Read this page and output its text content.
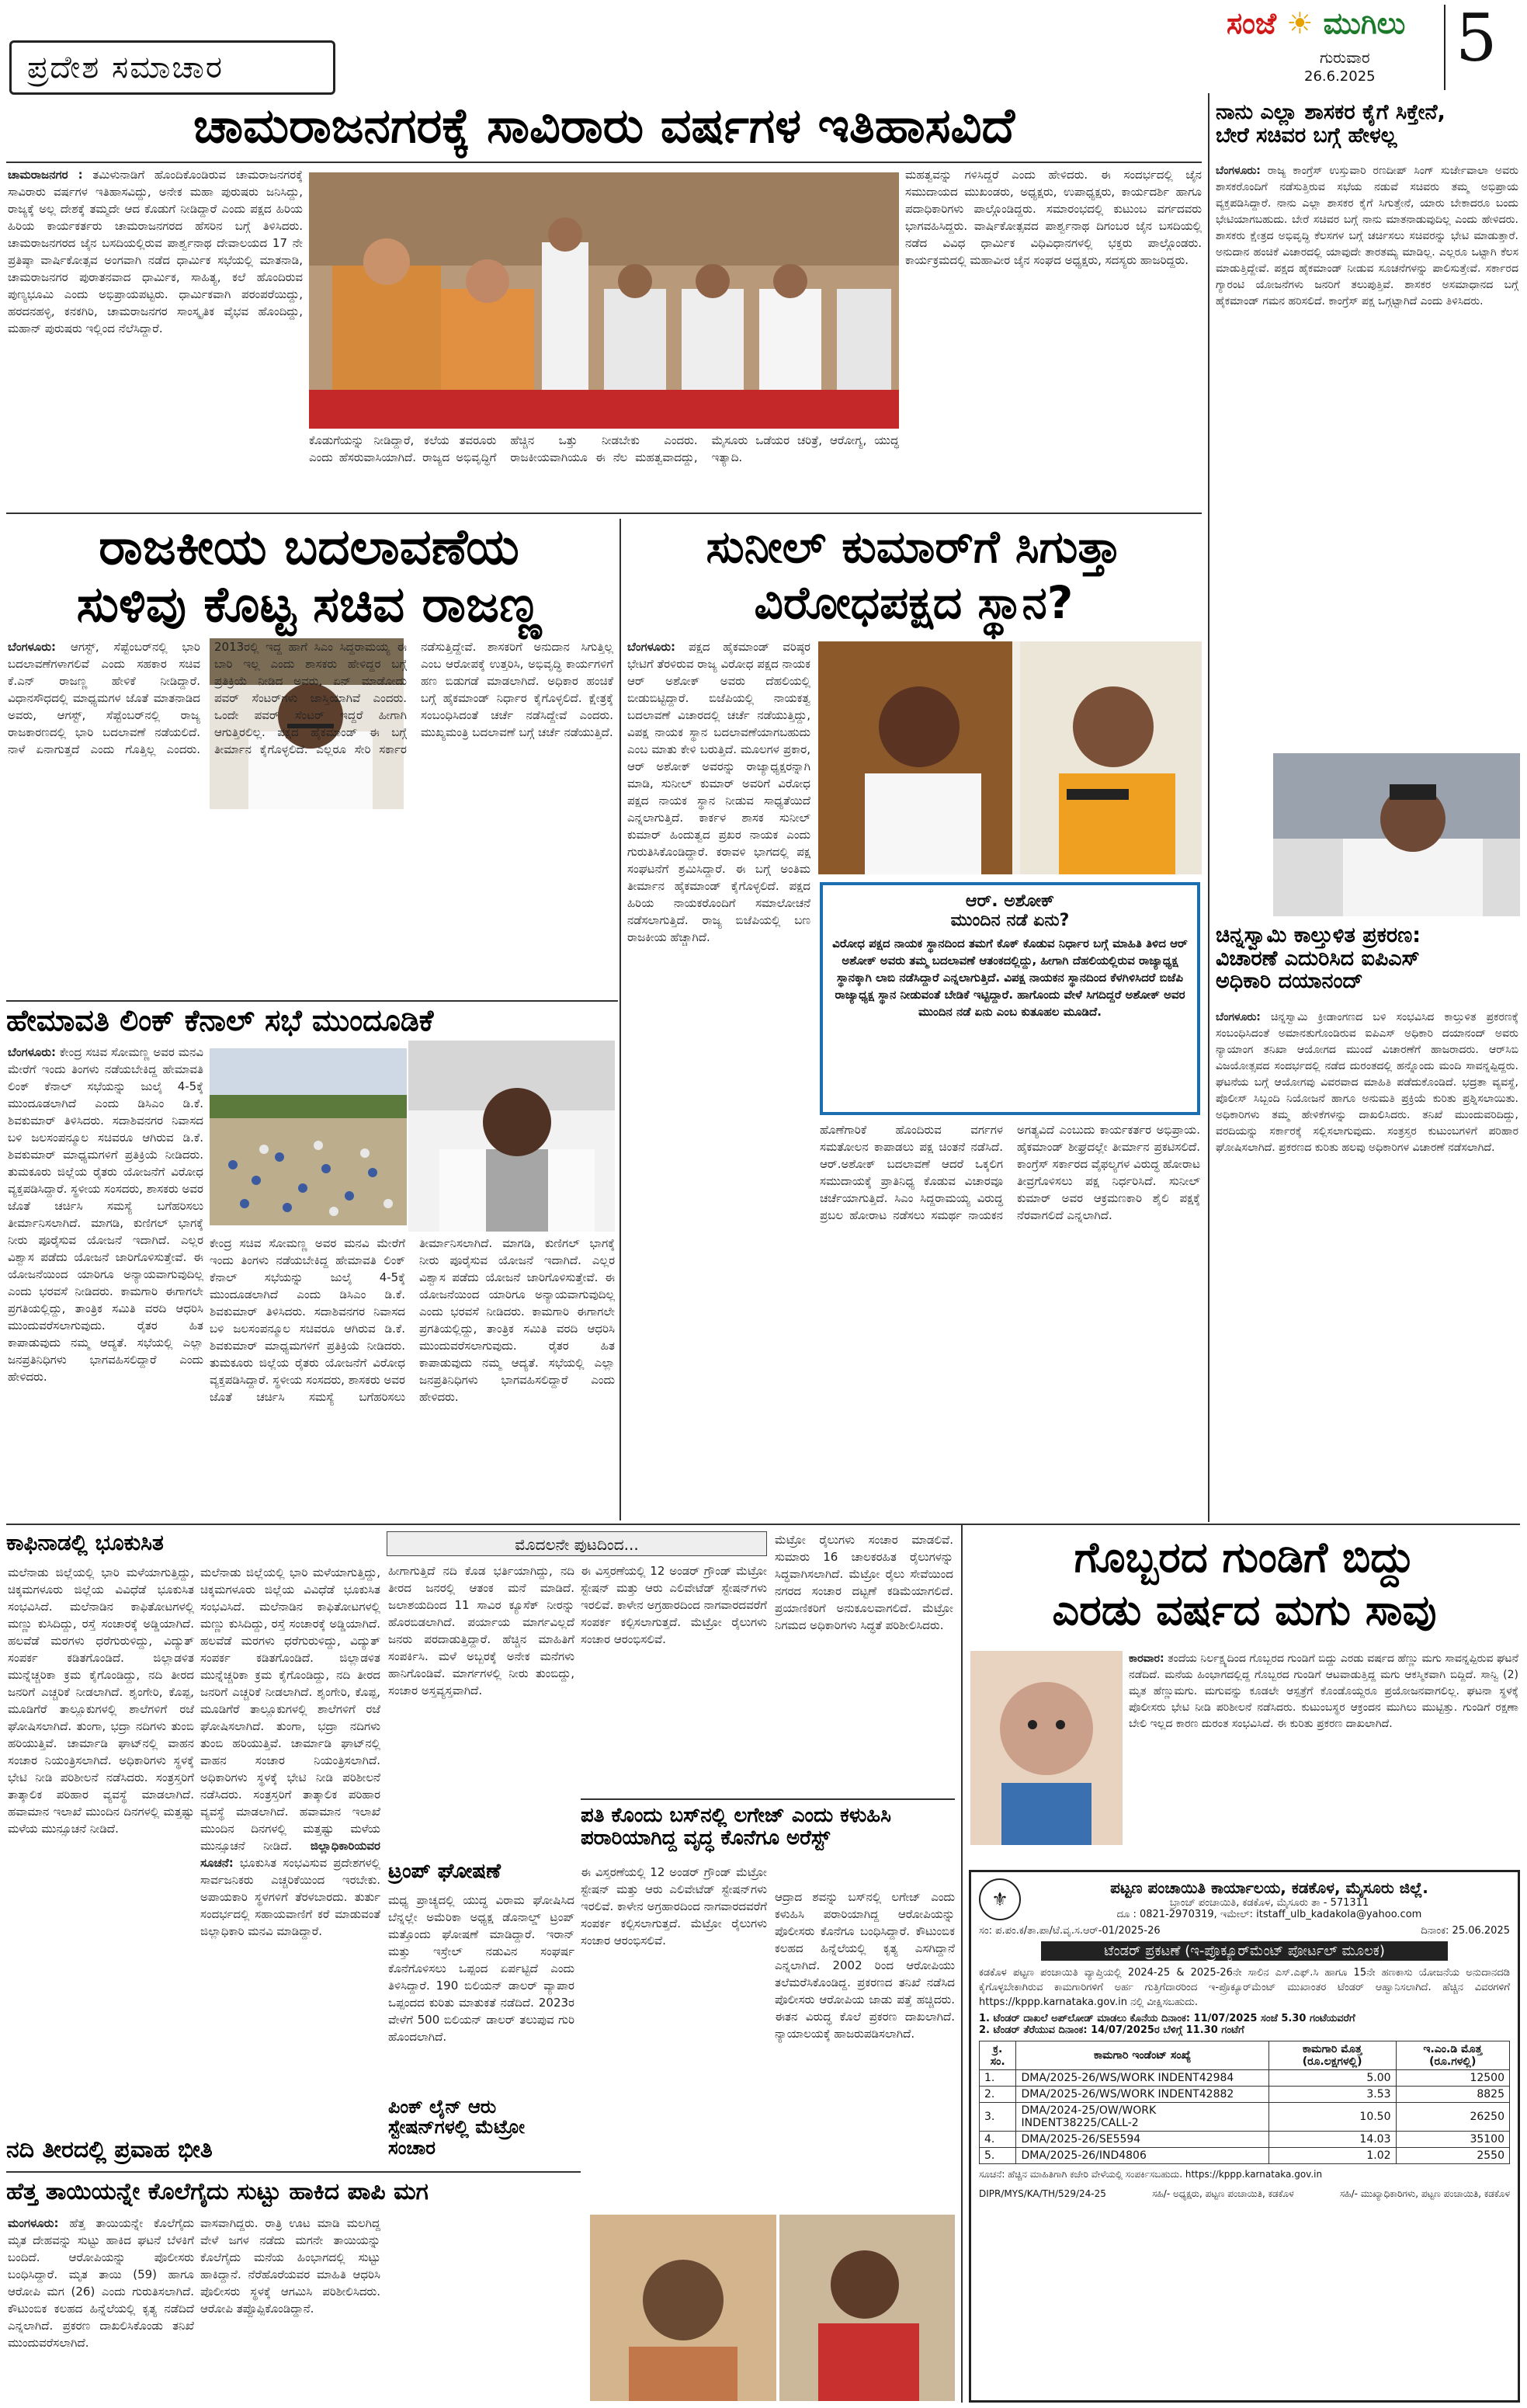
ಪ್ರದೇಶ ಸಮಾಚಾರ
ಸಂಜೆ ☀ ಮುಗಿಲು
ಗುರುವಾರ
26.6.2025
5
ಚಾಮರಾಜನಗರಕ್ಕೆ ಸಾವಿರಾರು ವರ್ಷಗಳ ಇತಿಹಾಸವಿದೆ
ಚಾಮರಾಜನಗರ : ತಮಿಳುನಾಡಿಗೆ ಹೊಂದಿಕೊಂಡಿರುವ ಚಾಮರಾಜನಗರಕ್ಕೆ ಸಾವಿರಾರು ವರ್ಷಗಳ ಇತಿಹಾಸವಿದ್ದು, ಅನೇಕ ಮಹಾ ಪುರುಷರು ಜನಿಸಿದ್ದು, ರಾಜ್ಯಕ್ಕೆ ಅಲ್ಲ ದೇಶಕ್ಕೆ ತಮ್ಮದೇ ಆದ ಕೊಡುಗೆ ನೀಡಿದ್ದಾರೆ ಎಂದು ಪಕ್ಷದ ಹಿರಿಯ ಹಿರಿಯ ಕಾರ್ಯಕರ್ತರು ಚಾಮರಾಜನಗರದ ಹೆಸರಿನ ಬಗ್ಗೆ ತಿಳಿಸಿದರು. ಚಾಮರಾಜನಗರದ ಜೈನ ಬಸದಿಯಲ್ಲಿರುವ ಪಾರ್ಶ್ವನಾಥ ದೇವಾಲಯದ 17 ನೇ ಪ್ರತಿಷ್ಠಾ ವಾರ್ಷಿಕೋತ್ಸವ ಅಂಗವಾಗಿ ನಡೆದ ಧಾರ್ಮಿಕ ಸಭೆಯಲ್ಲಿ ಮಾತನಾಡಿ, ಚಾಮರಾಜನಗರ ಪುರಾತನವಾದ ಧಾರ್ಮಿಕ, ಸಾಹಿತ್ಯ, ಕಲೆ ಹೊಂದಿರುವ ಪುಣ್ಯಭೂಮಿ ಎಂದು ಅಭಿಪ್ರಾಯಪಟ್ಟರು. ಧಾರ್ಮಿಕವಾಗಿ ಪರಂಪರೆಯಿದ್ದು, ಹರದನಹಳ್ಳಿ, ಕನಕಗಿರಿ, ಚಾಮರಾಜನಗರ ಸಾಂಸ್ಕೃತಿಕ ವೈಭವ ಹೊಂದಿದ್ದು, ಮಹಾನ್ ಪುರುಷರು ಇಲ್ಲಿಂದ ನೆಲೆಸಿದ್ದಾರೆ.
ಕೊಡುಗೆಯನ್ನು ನೀಡಿದ್ದಾರೆ, ಕಲೆಯ ತವರೂರು ಎಂದು ಹೆಸರುವಾಸಿಯಾಗಿದೆ. ರಾಜ್ಯದ ಅಭಿವೃದ್ಧಿಗೆ ಹೆಚ್ಚಿನ ಒತ್ತು ನೀಡಬೇಕು ಎಂದರು. ರಾಜಕೀಯವಾಗಿಯೂ ಈ ನೆಲ ಮಹತ್ವವಾದದ್ದು, ಮೈಸೂರು ಒಡೆಯರ ಚರಿತ್ರೆ, ಆರೋಗ್ಯ, ಯುದ್ಧ ಇತ್ಯಾದಿ.
ಮಹತ್ವವನ್ನು ಗಳಿಸಿದ್ದರೆ ಎಂದು ಹೇಳಿದರು. ಈ ಸಂದರ್ಭದಲ್ಲಿ ಜೈನ ಸಮುದಾಯದ ಮುಖಂಡರು, ಅಧ್ಯಕ್ಷರು, ಉಪಾಧ್ಯಕ್ಷರು, ಕಾರ್ಯದರ್ಶಿ ಹಾಗೂ ಪದಾಧಿಕಾರಿಗಳು ಪಾಲ್ಗೊಂಡಿದ್ದರು. ಸಮಾರಂಭದಲ್ಲಿ ಕುಟುಂಬ ವರ್ಗದವರು ಭಾಗವಹಿಸಿದ್ದರು. ವಾರ್ಷಿಕೋತ್ಸವದ ಪಾರ್ಶ್ವನಾಥ ದಿಗಂಬರ ಜೈನ ಬಸದಿಯಲ್ಲಿ ನಡೆದ ವಿವಿಧ ಧಾರ್ಮಿಕ ವಿಧಿವಿಧಾನಗಳಲ್ಲಿ ಭಕ್ತರು ಪಾಲ್ಗೊಂಡರು. ಕಾರ್ಯಕ್ರಮದಲ್ಲಿ ಮಹಾವೀರ ಜೈನ ಸಂಘದ ಅಧ್ಯಕ್ಷರು, ಸದಸ್ಯರು ಹಾಜರಿದ್ದರು.
ನಾನು ಎಲ್ಲಾ ಶಾಸಕರ ಕೈಗೆ ಸಿಕ್ತೇನೆ,
ಬೇರೆ ಸಚಿವರ ಬಗ್ಗೆ ಹೇಳಲ್ಲ
ಬೆಂಗಳೂರು: ರಾಜ್ಯ ಕಾಂಗ್ರೆಸ್ ಉಸ್ತುವಾರಿ ರಣದೀಪ್ ಸಿಂಗ್ ಸುರ್ಜೇವಾಲಾ ಅವರು ಶಾಸಕರೊಂದಿಗೆ ನಡೆಸುತ್ತಿರುವ ಸಭೆಯ ನಡುವೆ ಸಚಿವರು ತಮ್ಮ ಅಭಿಪ್ರಾಯ ವ್ಯಕ್ತಪಡಿಸಿದ್ದಾರೆ. ನಾನು ಎಲ್ಲಾ ಶಾಸಕರ ಕೈಗೆ ಸಿಗುತ್ತೇನೆ, ಯಾರು ಬೇಕಾದರೂ ಬಂದು ಭೇಟಿಯಾಗಬಹುದು. ಬೇರೆ ಸಚಿವರ ಬಗ್ಗೆ ನಾನು ಮಾತನಾಡುವುದಿಲ್ಲ ಎಂದು ಹೇಳಿದರು. ಶಾಸಕರು ಕ್ಷೇತ್ರದ ಅಭಿವೃದ್ಧಿ ಕೆಲಸಗಳ ಬಗ್ಗೆ ಚರ್ಚಿಸಲು ಸಚಿವರನ್ನು ಭೇಟಿ ಮಾಡುತ್ತಾರೆ. ಅನುದಾನ ಹಂಚಿಕೆ ವಿಚಾರದಲ್ಲಿ ಯಾವುದೇ ತಾರತಮ್ಯ ಮಾಡಿಲ್ಲ. ಎಲ್ಲರೂ ಒಟ್ಟಾಗಿ ಕೆಲಸ ಮಾಡುತ್ತಿದ್ದೇವೆ. ಪಕ್ಷದ ಹೈಕಮಾಂಡ್ ನೀಡುವ ಸೂಚನೆಗಳನ್ನು ಪಾಲಿಸುತ್ತೇವೆ. ಸರ್ಕಾರದ ಗ್ಯಾರಂಟಿ ಯೋಜನೆಗಳು ಜನರಿಗೆ ತಲುಪುತ್ತಿವೆ. ಶಾಸಕರ ಅಸಮಾಧಾನದ ಬಗ್ಗೆ ಹೈಕಮಾಂಡ್ ಗಮನ ಹರಿಸಲಿದೆ. ಕಾಂಗ್ರೆಸ್ ಪಕ್ಷ ಒಗ್ಗಟ್ಟಾಗಿದೆ ಎಂದು ತಿಳಿಸಿದರು.
ಚಿನ್ನಸ್ವಾಮಿ ಕಾಲ್ತುಳಿತ ಪ್ರಕರಣ:
ವಿಚಾರಣೆ ಎದುರಿಸಿದ ಐಪಿಎಸ್
ಅಧಿಕಾರಿ ದಯಾನಂದ್
ಬೆಂಗಳೂರು: ಚಿನ್ನಸ್ವಾಮಿ ಕ್ರೀಡಾಂಗಣದ ಬಳಿ ಸಂಭವಿಸಿದ ಕಾಲ್ತುಳಿತ ಪ್ರಕರಣಕ್ಕೆ ಸಂಬಂಧಿಸಿದಂತೆ ಅಮಾನತುಗೊಂಡಿರುವ ಐಪಿಎಸ್ ಅಧಿಕಾರಿ ದಯಾನಂದ್ ಅವರು ನ್ಯಾಯಾಂಗ ತನಿಖಾ ಆಯೋಗದ ಮುಂದೆ ವಿಚಾರಣೆಗೆ ಹಾಜರಾದರು. ಆರ್‌ಸಿಬಿ ವಿಜಯೋತ್ಸವದ ಸಂದರ್ಭದಲ್ಲಿ ನಡೆದ ದುರಂತದಲ್ಲಿ ಹನ್ನೊಂದು ಮಂದಿ ಸಾವನ್ನಪ್ಪಿದ್ದರು. ಘಟನೆಯ ಬಗ್ಗೆ ಆಯೋಗವು ವಿವರವಾದ ಮಾಹಿತಿ ಪಡೆದುಕೊಂಡಿದೆ. ಭದ್ರತಾ ವ್ಯವಸ್ಥೆ, ಪೊಲೀಸ್ ಸಿಬ್ಬಂದಿ ನಿಯೋಜನೆ ಹಾಗೂ ಅನುಮತಿ ಪ್ರಕ್ರಿಯೆ ಕುರಿತು ಪ್ರಶ್ನಿಸಲಾಯಿತು. ಅಧಿಕಾರಿಗಳು ತಮ್ಮ ಹೇಳಿಕೆಗಳನ್ನು ದಾಖಲಿಸಿದರು. ತನಿಖೆ ಮುಂದುವರಿದಿದ್ದು, ವರದಿಯನ್ನು ಸರ್ಕಾರಕ್ಕೆ ಸಲ್ಲಿಸಲಾಗುವುದು. ಸಂತ್ರಸ್ತರ ಕುಟುಂಬಗಳಿಗೆ ಪರಿಹಾರ ಘೋಷಿಸಲಾಗಿದೆ. ಪ್ರಕರಣದ ಕುರಿತು ಹಲವು ಅಧಿಕಾರಿಗಳ ವಿಚಾರಣೆ ನಡೆಸಲಾಗಿದೆ.
ರಾಜಕೀಯ ಬದಲಾವಣೆಯ
ಸುಳಿವು ಕೊಟ್ಟ ಸಚಿವ ರಾಜಣ್ಣ
ಬೆಂಗಳೂರು: ಆಗಸ್ಟ್, ಸೆಪ್ಟೆಂಬರ್‌ನಲ್ಲಿ ಭಾರಿ ಬದಲಾವಣೆಗಳಾಗಲಿವೆ ಎಂದು ಸಹಕಾರ ಸಚಿವ ಕೆ.ಎನ್ ರಾಜಣ್ಣ ಹೇಳಿಕೆ ನೀಡಿದ್ದಾರೆ. ವಿಧಾನಸೌಧದಲ್ಲಿ ಮಾಧ್ಯಮಗಳ ಜೊತೆ ಮಾತನಾಡಿದ ಅವರು, ಆಗಸ್ಟ್, ಸೆಪ್ಟೆಂಬರ್‌ನಲ್ಲಿ ರಾಜ್ಯ ರಾಜಕಾರಣದಲ್ಲಿ ಭಾರಿ ಬದಲಾವಣೆ ನಡೆಯಲಿದೆ. ನಾಳೆ ಏನಾಗುತ್ತದೆ ಎಂದು ಗೊತ್ತಿಲ್ಲ ಎಂದರು. 2013ರಲ್ಲಿ ಇದ್ದ ಹಾಗೆ ಸಿಎಂ ಸಿದ್ದರಾಮಯ್ಯ ಈ ಬಾರಿ ಇಲ್ಲ ಎಂದು ಶಾಸಕರು ಹೇಳಿದ್ದರ ಬಗ್ಗೆ ಪ್ರತಿಕ್ರಿಯೆ ನೀಡಿದ ಅವರು, ಏನ್ ಮಾಡೋದು ಪವರ್ ಸೆಂಟರ್‌ಗಳು ಜಾಸ್ತಿಯಾಗಿವೆ ಎಂದರು. ಒಂದೇ ಪವರ್ ಸೆಂಟರ್ ಇದ್ದರೆ ಹೀಗಾಗಿ ಆಗುತ್ತಿರಲಿಲ್ಲ. ಪಕ್ಷದ ಹೈಕಮಾಂಡ್ ಈ ಬಗ್ಗೆ ತೀರ್ಮಾನ ಕೈಗೊಳ್ಳಲಿದೆ. ಎಲ್ಲರೂ ಸೇರಿ ಸರ್ಕಾರ ನಡೆಸುತ್ತಿದ್ದೇವೆ. ಶಾಸಕರಿಗೆ ಅನುದಾನ ಸಿಗುತ್ತಿಲ್ಲ ಎಂಬ ಆರೋಪಕ್ಕೆ ಉತ್ತರಿಸಿ, ಅಭಿವೃದ್ಧಿ ಕಾರ್ಯಗಳಿಗೆ ಹಣ ಬಿಡುಗಡೆ ಮಾಡಲಾಗಿದೆ. ಅಧಿಕಾರ ಹಂಚಿಕೆ ಬಗ್ಗೆ ಹೈಕಮಾಂಡ್ ನಿರ್ಧಾರ ಕೈಗೊಳ್ಳಲಿದೆ. ಕ್ಷೇತ್ರಕ್ಕೆ ಸಂಬಂಧಿಸಿದಂತೆ ಚರ್ಚೆ ನಡೆಸಿದ್ದೇವೆ ಎಂದರು. ಮುಖ್ಯಮಂತ್ರಿ ಬದಲಾವಣೆ ಬಗ್ಗೆ ಚರ್ಚೆ ನಡೆಯುತ್ತಿದೆ.
ಸುನೀಲ್ ಕುಮಾರ್‌ಗೆ ಸಿಗುತ್ತಾ
ವಿರೋಧಪಕ್ಷದ ಸ್ಥಾನ?
ಬೆಂಗಳೂರು: ಪಕ್ಷದ ಹೈಕಮಾಂಡ್ ವರಿಷ್ಠರ ಭೇಟಿಗೆ ತೆರಳಿರುವ ರಾಜ್ಯ ವಿರೋಧ ಪಕ್ಷದ ನಾಯಕ ಆರ್ ಅಶೋಕ್ ಅವರು ದೆಹಲಿಯಲ್ಲಿ ಬೀಡುಬಿಟ್ಟಿದ್ದಾರೆ. ಬಿಜೆಪಿಯಲ್ಲಿ ನಾಯಕತ್ವ ಬದಲಾವಣೆ ವಿಚಾರದಲ್ಲಿ ಚರ್ಚೆ ನಡೆಯುತ್ತಿದ್ದು, ವಿಪಕ್ಷ ನಾಯಕ ಸ್ಥಾನ ಬದಲಾವಣೆಯಾಗಬಹುದು ಎಂಬ ಮಾತು ಕೇಳಿ ಬರುತ್ತಿದೆ. ಮೂಲಗಳ ಪ್ರಕಾರ, ಆರ್ ಅಶೋಕ್ ಅವರನ್ನು ರಾಜ್ಯಾಧ್ಯಕ್ಷರನ್ನಾಗಿ ಮಾಡಿ, ಸುನೀಲ್ ಕುಮಾರ್ ಅವರಿಗೆ ವಿರೋಧ ಪಕ್ಷದ ನಾಯಕ ಸ್ಥಾನ ನೀಡುವ ಸಾಧ್ಯತೆಯಿದೆ ಎನ್ನಲಾಗುತ್ತಿದೆ. ಕಾರ್ಕಳ ಶಾಸಕ ಸುನೀಲ್ ಕುಮಾರ್ ಹಿಂದುತ್ವದ ಪ್ರಖರ ನಾಯಕ ಎಂದು ಗುರುತಿಸಿಕೊಂಡಿದ್ದಾರೆ. ಕರಾವಳಿ ಭಾಗದಲ್ಲಿ ಪಕ್ಷ ಸಂಘಟನೆಗೆ ಶ್ರಮಿಸಿದ್ದಾರೆ. ಈ ಬಗ್ಗೆ ಅಂತಿಮ ತೀರ್ಮಾನ ಹೈಕಮಾಂಡ್ ಕೈಗೊಳ್ಳಲಿದೆ. ಪಕ್ಷದ ಹಿರಿಯ ನಾಯಕರೊಂದಿಗೆ ಸಮಾಲೋಚನೆ ನಡೆಸಲಾಗುತ್ತಿದೆ. ರಾಜ್ಯ ಬಿಜೆಪಿಯಲ್ಲಿ ಬಣ ರಾಜಕೀಯ ಹೆಚ್ಚಾಗಿದೆ.
ಆರ್. ಅಶೋಕ್
ಮುಂದಿನ ನಡೆ ಏನು?
ವಿರೋಧ ಪಕ್ಷದ ನಾಯಕ ಸ್ಥಾನದಿಂದ ತಮಗೆ ಕೊಕ್ ಕೊಡುವ ನಿರ್ಧಾರ ಬಗ್ಗೆ ಮಾಹಿತಿ ತಿಳಿದ ಆರ್ ಅಶೋಕ್ ಅವರು ತಮ್ಮ ಬದಲಾವಣೆ ಆತಂಕದಲ್ಲಿದ್ದು, ಹೀಗಾಗಿ ದೆಹಲಿಯಲ್ಲಿರುವ ರಾಜ್ಯಾಧ್ಯಕ್ಷ ಸ್ಥಾನಕ್ಕಾಗಿ ಲಾಬಿ ನಡೆಸಿದ್ದಾರೆ ಎನ್ನಲಾಗುತ್ತಿದೆ. ವಿಪಕ್ಷ ನಾಯಕನ ಸ್ಥಾನದಿಂದ ಕೆಳಗಿಳಿಸಿದರೆ ಬಿಜೆಪಿ ರಾಜ್ಯಾಧ್ಯಕ್ಷ ಸ್ಥಾನ ನೀಡುವಂತೆ ಬೇಡಿಕೆ ಇಟ್ಟಿದ್ದಾರೆ. ಹಾಗೊಂದು ವೇಳೆ ಸಿಗದಿದ್ದರೆ ಅಶೋಕ್ ಅವರ ಮುಂದಿನ ನಡೆ ಏನು ಎಂಬ ಕುತೂಹಲ ಮೂಡಿದೆ.
ಹೊಣೆಗಾರಿಕೆ ಹೊಂದಿರುವ ವರ್ಗಗಳ ಸಮತೋಲನ ಕಾಪಾಡಲು ಪಕ್ಷ ಚಿಂತನೆ ನಡೆಸಿದೆ. ಆರ್.ಅಶೋಕ್ ಬದಲಾವಣೆ ಆದರೆ ಒಕ್ಕಲಿಗ ಸಮುದಾಯಕ್ಕೆ ಪ್ರಾತಿನಿಧ್ಯ ಕೊಡುವ ವಿಚಾರವೂ ಚರ್ಚೆಯಾಗುತ್ತಿದೆ. ಸಿಎಂ ಸಿದ್ದರಾಮಯ್ಯ ವಿರುದ್ಧ ಪ್ರಬಲ ಹೋರಾಟ ನಡೆಸಲು ಸಮರ್ಥ ನಾಯಕನ ಅಗತ್ಯವಿದೆ ಎಂಬುದು ಕಾರ್ಯಕರ್ತರ ಅಭಿಪ್ರಾಯ. ಹೈಕಮಾಂಡ್ ಶೀಘ್ರದಲ್ಲೇ ತೀರ್ಮಾನ ಪ್ರಕಟಿಸಲಿದೆ. ಕಾಂಗ್ರೆಸ್ ಸರ್ಕಾರದ ವೈಫಲ್ಯಗಳ ವಿರುದ್ಧ ಹೋರಾಟ ತೀವ್ರಗೊಳಿಸಲು ಪಕ್ಷ ನಿರ್ಧರಿಸಿದೆ. ಸುನೀಲ್ ಕುಮಾರ್ ಅವರ ಆಕ್ರಮಣಕಾರಿ ಶೈಲಿ ಪಕ್ಷಕ್ಕೆ ನೆರವಾಗಲಿದೆ ಎನ್ನಲಾಗಿದೆ.
ಹೇಮಾವತಿ ಲಿಂಕ್ ಕೆನಾಲ್ ಸಭೆ ಮುಂದೂಡಿಕೆ
ಬೆಂಗಳೂರು: ಕೇಂದ್ರ ಸಚಿವ ಸೋಮಣ್ಣ ಅವರ ಮನವಿ ಮೇರೆಗೆ ಇಂದು ತಿಂಗಳು ನಡೆಯಬೇಕಿದ್ದ ಹೇಮಾವತಿ ಲಿಂಕ್ ಕೆನಾಲ್ ಸಭೆಯನ್ನು ಜುಲೈ 4-5ಕ್ಕೆ ಮುಂದೂಡಲಾಗಿದೆ ಎಂದು ಡಿಸಿಎಂ ಡಿ.ಕೆ. ಶಿವಕುಮಾರ್ ತಿಳಿಸಿದರು. ಸದಾಶಿವನಗರ ನಿವಾಸದ ಬಳಿ ಜಲಸಂಪನ್ಮೂಲ ಸಚಿವರೂ ಆಗಿರುವ ಡಿ.ಕೆ. ಶಿವಕುಮಾರ್ ಮಾಧ್ಯಮಗಳಿಗೆ ಪ್ರತಿಕ್ರಿಯೆ ನೀಡಿದರು. ತುಮಕೂರು ಜಿಲ್ಲೆಯ ರೈತರು ಯೋಜನೆಗೆ ವಿರೋಧ ವ್ಯಕ್ತಪಡಿಸಿದ್ದಾರೆ. ಸ್ಥಳೀಯ ಸಂಸದರು, ಶಾಸಕರು ಅವರ ಜೊತೆ ಚರ್ಚಿಸಿ ಸಮಸ್ಯೆ ಬಗೆಹರಿಸಲು ತೀರ್ಮಾನಿಸಲಾಗಿದೆ. ಮಾಗಡಿ, ಕುಣಿಗಲ್ ಭಾಗಕ್ಕೆ ನೀರು ಪೂರೈಸುವ ಯೋಜನೆ ಇದಾಗಿದೆ. ಎಲ್ಲರ ವಿಶ್ವಾಸ ಪಡೆದು ಯೋಜನೆ ಜಾರಿಗೊಳಿಸುತ್ತೇವೆ. ಈ ಯೋಜನೆಯಿಂದ ಯಾರಿಗೂ ಅನ್ಯಾಯವಾಗುವುದಿಲ್ಲ ಎಂದು ಭರವಸೆ ನೀಡಿದರು. ಕಾಮಗಾರಿ ಈಗಾಗಲೇ ಪ್ರಗತಿಯಲ್ಲಿದ್ದು, ತಾಂತ್ರಿಕ ಸಮಿತಿ ವರದಿ ಆಧರಿಸಿ ಮುಂದುವರೆಸಲಾಗುವುದು. ರೈತರ ಹಿತ ಕಾಪಾಡುವುದು ನಮ್ಮ ಆದ್ಯತೆ. ಸಭೆಯಲ್ಲಿ ಎಲ್ಲಾ ಜನಪ್ರತಿನಿಧಿಗಳು ಭಾಗವಹಿಸಲಿದ್ದಾರೆ ಎಂದು ಹೇಳಿದರು.
ಕೇಂದ್ರ ಸಚಿವ ಸೋಮಣ್ಣ ಅವರ ಮನವಿ ಮೇರೆಗೆ ಇಂದು ತಿಂಗಳು ನಡೆಯಬೇಕಿದ್ದ ಹೇಮಾವತಿ ಲಿಂಕ್ ಕೆನಾಲ್ ಸಭೆಯನ್ನು ಜುಲೈ 4-5ಕ್ಕೆ ಮುಂದೂಡಲಾಗಿದೆ ಎಂದು ಡಿಸಿಎಂ ಡಿ.ಕೆ. ಶಿವಕುಮಾರ್ ತಿಳಿಸಿದರು. ಸದಾಶಿವನಗರ ನಿವಾಸದ ಬಳಿ ಜಲಸಂಪನ್ಮೂಲ ಸಚಿವರೂ ಆಗಿರುವ ಡಿ.ಕೆ. ಶಿವಕುಮಾರ್ ಮಾಧ್ಯಮಗಳಿಗೆ ಪ್ರತಿಕ್ರಿಯೆ ನೀಡಿದರು. ತುಮಕೂರು ಜಿಲ್ಲೆಯ ರೈತರು ಯೋಜನೆಗೆ ವಿರೋಧ ವ್ಯಕ್ತಪಡಿಸಿದ್ದಾರೆ. ಸ್ಥಳೀಯ ಸಂಸದರು, ಶಾಸಕರು ಅವರ ಜೊತೆ ಚರ್ಚಿಸಿ ಸಮಸ್ಯೆ ಬಗೆಹರಿಸಲು ತೀರ್ಮಾನಿಸಲಾಗಿದೆ. ಮಾಗಡಿ, ಕುಣಿಗಲ್ ಭಾಗಕ್ಕೆ ನೀರು ಪೂರೈಸುವ ಯೋಜನೆ ಇದಾಗಿದೆ. ಎಲ್ಲರ ವಿಶ್ವಾಸ ಪಡೆದು ಯೋಜನೆ ಜಾರಿಗೊಳಿಸುತ್ತೇವೆ. ಈ ಯೋಜನೆಯಿಂದ ಯಾರಿಗೂ ಅನ್ಯಾಯವಾಗುವುದಿಲ್ಲ ಎಂದು ಭರವಸೆ ನೀಡಿದರು. ಕಾಮಗಾರಿ ಈಗಾಗಲೇ ಪ್ರಗತಿಯಲ್ಲಿದ್ದು, ತಾಂತ್ರಿಕ ಸಮಿತಿ ವರದಿ ಆಧರಿಸಿ ಮುಂದುವರೆಸಲಾಗುವುದು. ರೈತರ ಹಿತ ಕಾಪಾಡುವುದು ನಮ್ಮ ಆದ್ಯತೆ. ಸಭೆಯಲ್ಲಿ ಎಲ್ಲಾ ಜನಪ್ರತಿನಿಧಿಗಳು ಭಾಗವಹಿಸಲಿದ್ದಾರೆ ಎಂದು ಹೇಳಿದರು.
ಕಾಫಿನಾಡಲ್ಲಿ ಭೂಕುಸಿತ
ಮಲೆನಾಡು ಜಿಲ್ಲೆಯಲ್ಲಿ ಭಾರಿ ಮಳೆಯಾಗುತ್ತಿದ್ದು, ಚಿಕ್ಕಮಗಳೂರು ಜಿಲ್ಲೆಯ ವಿವಿಧೆಡೆ ಭೂಕುಸಿತ ಸಂಭವಿಸಿದೆ. ಮಲೆನಾಡಿನ ಕಾಫಿತೋಟಗಳಲ್ಲಿ ಮಣ್ಣು ಕುಸಿದಿದ್ದು, ರಸ್ತೆ ಸಂಚಾರಕ್ಕೆ ಅಡ್ಡಿಯಾಗಿದೆ. ಹಲವೆಡೆ ಮರಗಳು ಧರೆಗುರುಳಿದ್ದು, ವಿದ್ಯುತ್ ಸಂಪರ್ಕ ಕಡಿತಗೊಂಡಿದೆ. ಜಿಲ್ಲಾಡಳಿತ ಮುನ್ನೆಚ್ಚರಿಕಾ ಕ್ರಮ ಕೈಗೊಂಡಿದ್ದು, ನದಿ ತೀರದ ಜನರಿಗೆ ಎಚ್ಚರಿಕೆ ನೀಡಲಾಗಿದೆ. ಶೃಂಗೇರಿ, ಕೊಪ್ಪ, ಮೂಡಿಗೆರೆ ತಾಲ್ಲೂಕುಗಳಲ್ಲಿ ಶಾಲೆಗಳಿಗೆ ರಜೆ ಘೋಷಿಸಲಾಗಿದೆ. ತುಂಗಾ, ಭದ್ರಾ ನದಿಗಳು ತುಂಬಿ ಹರಿಯುತ್ತಿವೆ. ಚಾರ್ಮಾಡಿ ಘಾಟ್‌ನಲ್ಲಿ ವಾಹನ ಸಂಚಾರ ನಿಯಂತ್ರಿಸಲಾಗಿದೆ. ಅಧಿಕಾರಿಗಳು ಸ್ಥಳಕ್ಕೆ ಭೇಟಿ ನೀಡಿ ಪರಿಶೀಲನೆ ನಡೆಸಿದರು. ಸಂತ್ರಸ್ತರಿಗೆ ತಾತ್ಕಾಲಿಕ ಪರಿಹಾರ ವ್ಯವಸ್ಥೆ ಮಾಡಲಾಗಿದೆ. ಹವಾಮಾನ ಇಲಾಖೆ ಮುಂದಿನ ದಿನಗಳಲ್ಲಿ ಮತ್ತಷ್ಟು ಮಳೆಯ ಮುನ್ಸೂಚನೆ ನೀಡಿದೆ.
ಮಲೆನಾಡು ಜಿಲ್ಲೆಯಲ್ಲಿ ಭಾರಿ ಮಳೆಯಾಗುತ್ತಿದ್ದು, ಚಿಕ್ಕಮಗಳೂರು ಜಿಲ್ಲೆಯ ವಿವಿಧೆಡೆ ಭೂಕುಸಿತ ಸಂಭವಿಸಿದೆ. ಮಲೆನಾಡಿನ ಕಾಫಿತೋಟಗಳಲ್ಲಿ ಮಣ್ಣು ಕುಸಿದಿದ್ದು, ರಸ್ತೆ ಸಂಚಾರಕ್ಕೆ ಅಡ್ಡಿಯಾಗಿದೆ. ಹಲವೆಡೆ ಮರಗಳು ಧರೆಗುರುಳಿದ್ದು, ವಿದ್ಯುತ್ ಸಂಪರ್ಕ ಕಡಿತಗೊಂಡಿದೆ. ಜಿಲ್ಲಾಡಳಿತ ಮುನ್ನೆಚ್ಚರಿಕಾ ಕ್ರಮ ಕೈಗೊಂಡಿದ್ದು, ನದಿ ತೀರದ ಜನರಿಗೆ ಎಚ್ಚರಿಕೆ ನೀಡಲಾಗಿದೆ. ಶೃಂಗೇರಿ, ಕೊಪ್ಪ, ಮೂಡಿಗೆರೆ ತಾಲ್ಲೂಕುಗಳಲ್ಲಿ ಶಾಲೆಗಳಿಗೆ ರಜೆ ಘೋಷಿಸಲಾಗಿದೆ. ತುಂಗಾ, ಭದ್ರಾ ನದಿಗಳು ತುಂಬಿ ಹರಿಯುತ್ತಿವೆ. ಚಾರ್ಮಾಡಿ ಘಾಟ್‌ನಲ್ಲಿ ವಾಹನ ಸಂಚಾರ ನಿಯಂತ್ರಿಸಲಾಗಿದೆ. ಅಧಿಕಾರಿಗಳು ಸ್ಥಳಕ್ಕೆ ಭೇಟಿ ನೀಡಿ ಪರಿಶೀಲನೆ ನಡೆಸಿದರು. ಸಂತ್ರಸ್ತರಿಗೆ ತಾತ್ಕಾಲಿಕ ಪರಿಹಾರ ವ್ಯವಸ್ಥೆ ಮಾಡಲಾಗಿದೆ. ಹವಾಮಾನ ಇಲಾಖೆ ಮುಂದಿನ ದಿನಗಳಲ್ಲಿ ಮತ್ತಷ್ಟು ಮಳೆಯ ಮುನ್ಸೂಚನೆ ನೀಡಿದೆ. ಜಿಲ್ಲಾಧಿಕಾರಿಯವರ ಸೂಚನೆ: ಭೂಕುಸಿತ ಸಂಭವಿಸುವ ಪ್ರದೇಶಗಳಲ್ಲಿ ಸಾರ್ವಜನಿಕರು ಎಚ್ಚರಿಕೆಯಿಂದ ಇರಬೇಕು. ಅಪಾಯಕಾರಿ ಸ್ಥಳಗಳಿಗೆ ತೆರಳಬಾರದು. ತುರ್ತು ಸಂದರ್ಭದಲ್ಲಿ ಸಹಾಯವಾಣಿಗೆ ಕರೆ ಮಾಡುವಂತೆ ಜಿಲ್ಲಾಧಿಕಾರಿ ಮನವಿ ಮಾಡಿದ್ದಾರೆ.
ನದಿ ತೀರದಲ್ಲಿ ಪ್ರವಾಹ ಭೀತಿ
ಹೆತ್ತ ತಾಯಿಯನ್ನೇ ಕೊಲೆಗೈದು ಸುಟ್ಟು ಹಾಕಿದ ಪಾಪಿ ಮಗ
ಮಂಗಳೂರು: ಹೆತ್ತ ತಾಯಿಯನ್ನೇ ಕೊಲೆಗೈದು ಮೃತ ದೇಹವನ್ನು ಸುಟ್ಟು ಹಾಕಿದ ಘಟನೆ ಬೆಳಕಿಗೆ ಬಂದಿದೆ. ಆರೋಪಿಯನ್ನು ಪೊಲೀಸರು ಬಂಧಿಸಿದ್ದಾರೆ. ಮೃತ ತಾಯಿ (59) ಹಾಗೂ ಆರೋಪಿ ಮಗ (26) ಎಂದು ಗುರುತಿಸಲಾಗಿದೆ. ಕೌಟುಂಬಿಕ ಕಲಹದ ಹಿನ್ನೆಲೆಯಲ್ಲಿ ಕೃತ್ಯ ನಡೆದಿದೆ ಎನ್ನಲಾಗಿದೆ. ಪ್ರಕರಣ ದಾಖಲಿಸಿಕೊಂಡು ತನಿಖೆ ಮುಂದುವರೆಸಲಾಗಿದೆ.
ವಾಸವಾಗಿದ್ದರು. ರಾತ್ರಿ ಊಟ ಮಾಡಿ ಮಲಗಿದ್ದ ವೇಳೆ ಜಗಳ ನಡೆದು ಮಗನೇ ತಾಯಿಯನ್ನು ಕೊಲೆಗೈದು ಮನೆಯ ಹಿಂಭಾಗದಲ್ಲಿ ಸುಟ್ಟು ಹಾಕಿದ್ದಾನೆ. ನೆರೆಹೊರೆಯವರ ಮಾಹಿತಿ ಆಧರಿಸಿ ಪೊಲೀಸರು ಸ್ಥಳಕ್ಕೆ ಆಗಮಿಸಿ ಪರಿಶೀಲಿಸಿದರು. ಆರೋಪಿ ತಪ್ಪೊಪ್ಪಿಕೊಂಡಿದ್ದಾನೆ.
ಮೊದಲನೇ ಪುಟದಿಂದ...
ಹೀಗಾಗುತ್ತಿದೆ ನದಿ ಕೊಡ ಭರ್ತಿಯಾಗಿದ್ದು, ನದಿ ತೀರದ ಜನರಲ್ಲಿ ಆತಂಕ ಮನೆ ಮಾಡಿದೆ. ಜಲಾಶಯದಿಂದ 11 ಸಾವಿರ ಕ್ಯೂಸೆಕ್ ನೀರನ್ನು ಹೊರಬಿಡಲಾಗಿದೆ. ಪರ್ಯಾಯ ಮಾರ್ಗವಿಲ್ಲದೆ ಜನರು ಪರದಾಡುತ್ತಿದ್ದಾರೆ. ಹೆಚ್ಚಿನ ಮಾಹಿತಿಗೆ ಸಂಪರ್ಕಿಸಿ. ಮಳೆ ಅಬ್ಬರಕ್ಕೆ ಅನೇಕ ಮನೆಗಳು ಹಾನಿಗೊಂಡಿವೆ. ಮಾರ್ಗಗಳಲ್ಲಿ ನೀರು ತುಂಬಿದ್ದು, ಸಂಚಾರ ಅಸ್ತವ್ಯಸ್ತವಾಗಿದೆ.
ಟ್ರಂಪ್ ಘೋಷಣೆ
ಮಧ್ಯ ಪ್ರಾಚ್ಯದಲ್ಲಿ ಯುದ್ಧ ವಿರಾಮ ಘೋಷಿಸಿದ ಬೆನ್ನಲ್ಲೇ ಅಮೆರಿಕಾ ಅಧ್ಯಕ್ಷ ಡೊನಾಲ್ಡ್ ಟ್ರಂಪ್ ಮತ್ತೊಂದು ಘೋಷಣೆ ಮಾಡಿದ್ದಾರೆ. ಇರಾನ್ ಮತ್ತು ಇಸ್ರೇಲ್ ನಡುವಿನ ಸಂಘರ್ಷ ಕೊನೆಗೊಳಿಸಲು ಒಪ್ಪಂದ ಏರ್ಪಟ್ಟಿದೆ ಎಂದು ತಿಳಿಸಿದ್ದಾರೆ. 190 ಬಿಲಿಯನ್ ಡಾಲರ್ ವ್ಯಾಪಾರ ಒಪ್ಪಂದದ ಕುರಿತು ಮಾತುಕತೆ ನಡೆದಿದೆ. 2023ರ ವೇಳೆಗೆ 500 ಬಿಲಿಯನ್ ಡಾಲರ್ ತಲುಪುವ ಗುರಿ ಹೊಂದಲಾಗಿದೆ.
ಈ ವಿಸ್ತರಣೆಯಲ್ಲಿ 12 ಅಂಡರ್ ಗ್ರೌಂಡ್ ಮೆಟ್ರೋ ಸ್ಟೇಷನ್ ಮತ್ತು ಆರು ಎಲಿವೇಟೆಡ್ ಸ್ಟೇಷನ್‌ಗಳು ಇರಲಿವೆ. ಕಾಳೇನ ಅಗ್ರಹಾರದಿಂದ ನಾಗವಾರದವರೆಗೆ ಸಂಪರ್ಕ ಕಲ್ಪಿಸಲಾಗುತ್ತದೆ. ಮೆಟ್ರೋ ರೈಲುಗಳು ಸಂಚಾರ ಆರಂಭಿಸಲಿವೆ.
ಮೆಟ್ರೋ ರೈಲುಗಳು ಸಂಚಾರ ಮಾಡಲಿವೆ. ಸುಮಾರು 16 ಚಾಲಕರಹಿತ ರೈಲುಗಳನ್ನು ಸಿದ್ಧವಾಗಿಸಲಾಗಿದೆ. ಮೆಟ್ರೋ ರೈಲು ಸೇವೆಯಿಂದ ನಗರದ ಸಂಚಾರ ದಟ್ಟಣೆ ಕಡಿಮೆಯಾಗಲಿದೆ. ಪ್ರಯಾಣಿಕರಿಗೆ ಅನುಕೂಲವಾಗಲಿದೆ. ಮೆಟ್ರೋ ನಿಗಮದ ಅಧಿಕಾರಿಗಳು ಸಿದ್ಧತೆ ಪರಿಶೀಲಿಸಿದರು.
ಈ ವಿಸ್ತರಣೆಯಲ್ಲಿ 12 ಅಂಡರ್ ಗ್ರೌಂಡ್ ಮೆಟ್ರೋ ಸ್ಟೇಷನ್ ಮತ್ತು ಆರು ಎಲಿವೇಟೆಡ್ ಸ್ಟೇಷನ್‌ಗಳು ಇರಲಿವೆ. ಕಾಳೇನ ಅಗ್ರಹಾರದಿಂದ ನಾಗವಾರದವರೆಗೆ ಸಂಪರ್ಕ ಕಲ್ಪಿಸಲಾಗುತ್ತದೆ. ಮೆಟ್ರೋ ರೈಲುಗಳು ಸಂಚಾರ ಆರಂಭಿಸಲಿವೆ.
ಪತಿ ಕೊಂದು ಬಸ್‌ನಲ್ಲಿ ಲಗೇಜ್ ಎಂದು ಕಳುಹಿಸಿ ಪರಾರಿಯಾಗಿದ್ದ ವೃದ್ಧ ಕೊನೆಗೂ ಅರೆಸ್ಟ್
ಆದ್ರಾದ ಶವನ್ನು ಬಸ್‌ನಲ್ಲಿ ಲಗೇಜ್ ಎಂದು ಕಳುಹಿಸಿ ಪರಾರಿಯಾಗಿದ್ದ ಆರೋಪಿಯನ್ನು ಪೊಲೀಸರು ಕೊನೆಗೂ ಬಂಧಿಸಿದ್ದಾರೆ. ಕೌಟುಂಬಿಕ ಕಲಹದ ಹಿನ್ನೆಲೆಯಲ್ಲಿ ಕೃತ್ಯ ಎಸಗಿದ್ದಾನೆ ಎನ್ನಲಾಗಿದೆ. 2002 ರಿಂದ ಆರೋಪಿಯು ತಲೆಮರೆಸಿಕೊಂಡಿದ್ದ. ಪ್ರಕರಣದ ತನಿಖೆ ನಡೆಸಿದ ಪೊಲೀಸರು ಆರೋಪಿಯ ಜಾಡು ಪತ್ತೆ ಹಚ್ಚಿದರು. ಈತನ ವಿರುದ್ಧ ಕೊಲೆ ಪ್ರಕರಣ ದಾಖಲಾಗಿದೆ. ನ್ಯಾಯಾಲಯಕ್ಕೆ ಹಾಜರುಪಡಿಸಲಾಗಿದೆ.
ಪಿಂಕ್ ಲೈನ್ ಆರು ಸ್ಟೇಷನ್‌ಗಳಲ್ಲಿ ಮೆಟ್ರೋ ಸಂಚಾರ
ಗೊಬ್ಬರದ ಗುಂಡಿಗೆ ಬಿದ್ದು
ಎರಡು ವರ್ಷದ ಮಗು ಸಾವು
ಕಾರವಾರ: ತಂದೆಯ ನಿರ್ಲಕ್ಷ್ಯದಿಂದ ಗೊಬ್ಬರದ ಗುಂಡಿಗೆ ಬಿದ್ದು ಎರಡು ವರ್ಷದ ಹೆಣ್ಣು ಮಗು ಸಾವನ್ನಪ್ಪಿರುವ ಘಟನೆ ನಡೆದಿದೆ. ಮನೆಯ ಹಿಂಭಾಗದಲ್ಲಿದ್ದ ಗೊಬ್ಬರದ ಗುಂಡಿಗೆ ಆಟವಾಡುತ್ತಿದ್ದ ಮಗು ಆಕಸ್ಮಿಕವಾಗಿ ಬಿದ್ದಿದೆ. ಸಾನ್ವಿ (2) ಮೃತ ಹೆಣ್ಣುಮಗು. ಮಗುವನ್ನು ಕೂಡಲೇ ಆಸ್ಪತ್ರೆಗೆ ಕೊಂಡೊಯ್ದರೂ ಪ್ರಯೋಜನವಾಗಲಿಲ್ಲ. ಘಟನಾ ಸ್ಥಳಕ್ಕೆ ಪೊಲೀಸರು ಭೇಟಿ ನೀಡಿ ಪರಿಶೀಲನೆ ನಡೆಸಿದರು. ಕುಟುಂಬಸ್ಥರ ಆಕ್ರಂದನ ಮುಗಿಲು ಮುಟ್ಟಿತ್ತು. ಗುಂಡಿಗೆ ರಕ್ಷಣಾ ಬೇಲಿ ಇಲ್ಲದ ಕಾರಣ ದುರಂತ ಸಂಭವಿಸಿದೆ. ಈ ಕುರಿತು ಪ್ರಕರಣ ದಾಖಲಾಗಿದೆ.
⚜
ಪಟ್ಟಣ ಪಂಚಾಯಿತಿ ಕಾರ್ಯಾಲಯ, ಕಡಕೊಳ, ಮೈಸೂರು ಜಿಲ್ಲೆ.
ಬ್ರಾಂಚ್ ಪಂಚಾಯಿತಿ, ಕಡಕೊಳ, ಮೈಸೂರು ತಾ - 571311
ದೂ : 0821-2970319, ಇಮೇಲ್: itstaff_ulb_kadakola@yahoo.com
ಸಂ: ಪ.ಪಂ.ಕ/ತಾ.ಪಾ/ಟೆ.ವೃ.ಸ.ಆರ್-01/2025-26	ದಿನಾಂಕ: 25.06.2025
ಟೆಂಡರ್ ಪ್ರಕಟಣೆ (ಇ-ಪ್ರೊಕ್ಯೂರ್‌ಮೆಂಟ್ ಪೋರ್ಟಲ್ ಮೂಲಕ)
ಕಡಕೊಳ ಪಟ್ಟಣ ಪಂಚಾಯಿತಿ ವ್ಯಾಪ್ತಿಯಲ್ಲಿ 2024-25 & 2025-26ನೇ ಸಾಲಿನ ಎಸ್.ಎಫ್.ಸಿ ಹಾಗೂ 15ನೇ ಹಣಕಾಸು ಯೋಜನೆಯ ಅನುದಾನದಡಿ ಕೈಗೊಳ್ಳಬೇಕಾಗಿರುವ ಕಾಮಗಾರಿಗಳಿಗೆ ಅರ್ಹ ಗುತ್ತಿಗೆದಾರರಿಂದ ಇ-ಪ್ರೊಕ್ಯೂರ್‌ಮೆಂಟ್ ಮುಖಾಂತರ ಟೆಂಡರ್ ಆಹ್ವಾನಿಸಲಾಗಿದೆ. ಹೆಚ್ಚಿನ ವಿವರಗಳಿಗೆ https://kppp.karnataka.gov.in ನಲ್ಲಿ ವೀಕ್ಷಿಸಬಹುದು.
1. ಟೆಂಡರ್ ದಾಖಲೆ ಅಪ್‌ಲೋಡ್ ಮಾಡಲು ಕೊನೆಯ ದಿನಾಂಕ: 11/07/2025 ಸಂಜೆ 5.30 ಗಂಟೆಯವರೆಗೆ
2. ಟೆಂಡರ್ ತೆರೆಯುವ ದಿನಾಂಕ: 14/07/2025ರ ಬೆಳಿಗ್ಗೆ 11.30 ಗಂಟೆಗೆ
ಕ್ರ. ಸಂ.	ಕಾಮಗಾರಿ ಇಂಡೆಂಟ್ ಸಂಖ್ಯೆ	ಕಾಮಗಾರಿ ಮೊತ್ತ (ರೂ.ಲಕ್ಷಗಳಲ್ಲಿ)	ಇ.ಎಂ.ಡಿ ಮೊತ್ತ (ರೂ.ಗಳಲ್ಲಿ)
1.	DMA/2025-26/WS/WORK INDENT42984	5.00	12500
2.	DMA/2025-26/WS/WORK INDENT42882	3.53	8825
3.	DMA/2024-25/OW/WORK INDENT38225/CALL-2	10.50	26250
4.	DMA/2025-26/SE5594	14.03	35100
5.	DMA/2025-26/IND4806	1.02	2550
ಸೂಚನೆ: ಹೆಚ್ಚಿನ ಮಾಹಿತಿಗಾಗಿ ಕಚೇರಿ ವೇಳೆಯಲ್ಲಿ ಸಂಪರ್ಕಿಸಬಹುದು. https://kppp.karnataka.gov.in
DIPR/MYS/KA/TH/529/24-25	ಸಹಿ/- ಅಧ್ಯಕ್ಷರು, ಪಟ್ಟಣ ಪಂಚಾಯಿತಿ, ಕಡಕೊಳ	ಸಹಿ/- ಮುಖ್ಯಾಧಿಕಾರಿಗಳು, ಪಟ್ಟಣ ಪಂಚಾಯಿತಿ, ಕಡಕೊಳ
